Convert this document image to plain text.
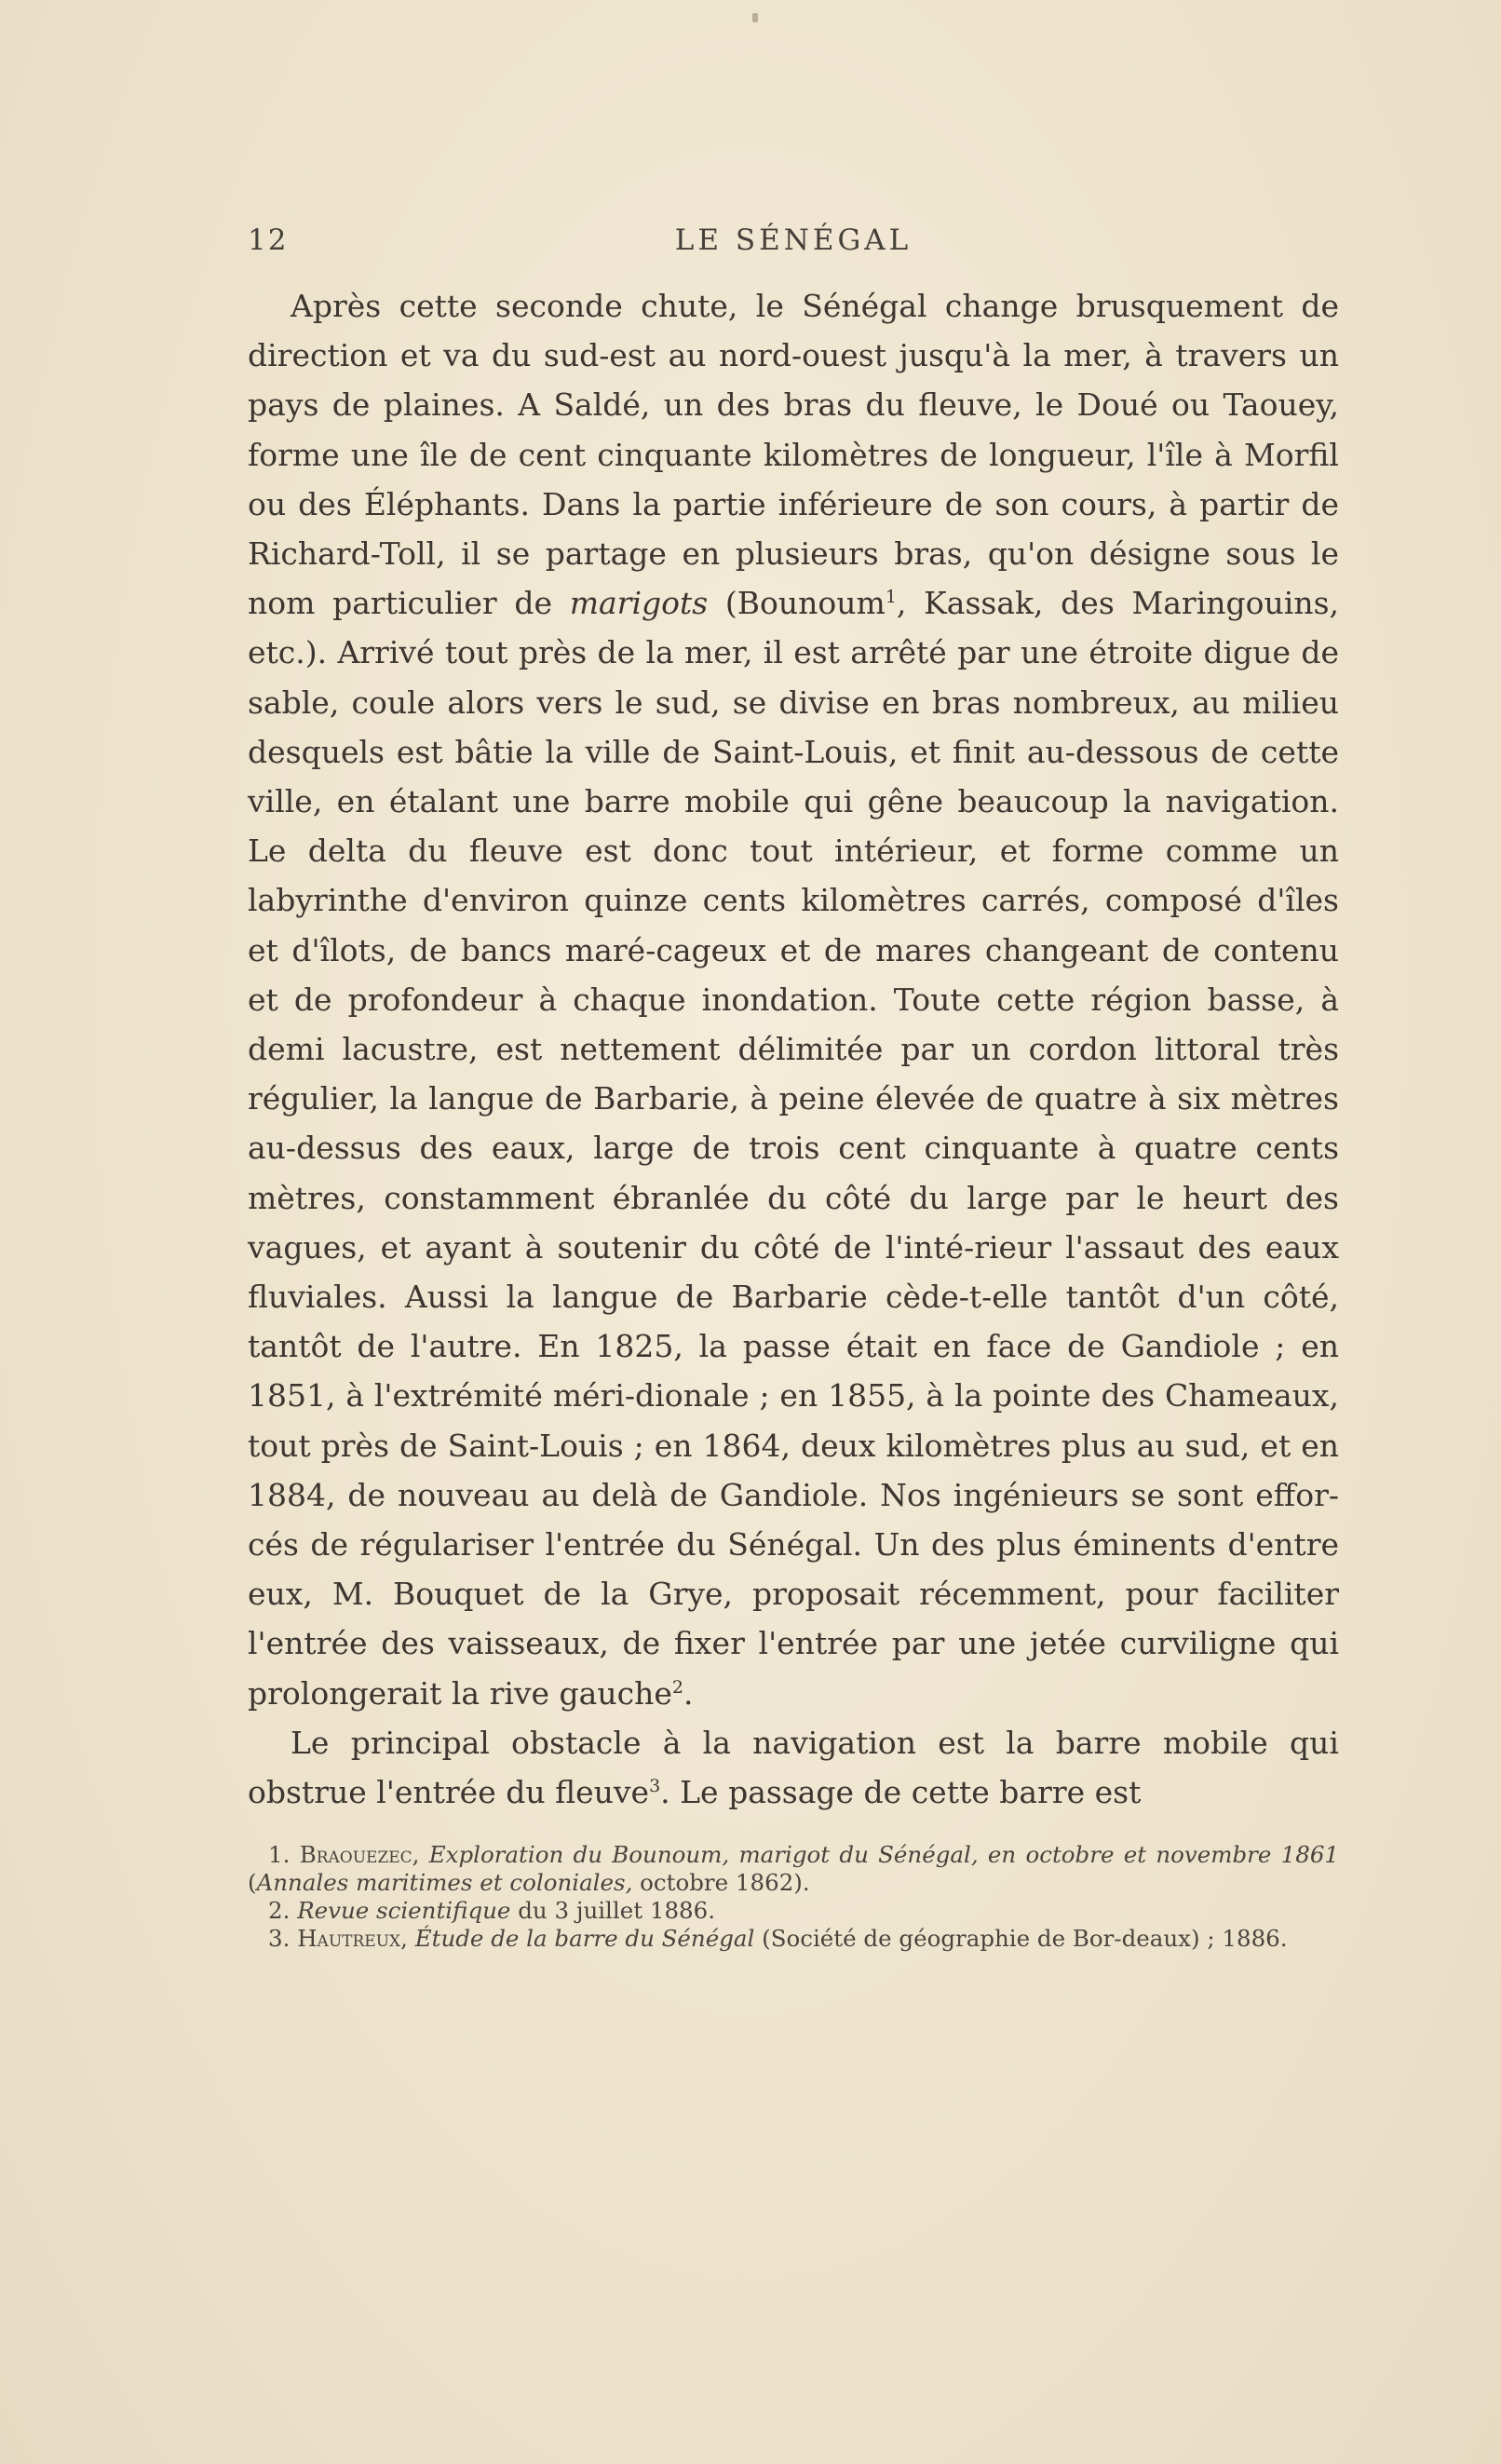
12	LE SÉNÉGAL

Après cette seconde chute, le Sénégal change brusquement de direction et va du sud-est au nord-ouest jusqu'à la mer, à travers un pays de plaines. A Saldé, un des bras du fleuve, le Doué ou Taouey, forme une île de cent cinquante kilomètres de longueur, l'île à Morfil ou des Éléphants. Dans la partie inférieure de son cours, à partir de Richard-Toll, il se partage en plusieurs bras, qu'on désigne sous le nom particulier de marigots (Bounoum$^1$, Kassak, des Maringouins, etc.). Arrivé tout près de la mer, il est arrêté par une étroite digue de sable, coule alors vers le sud, se divise en bras nombreux, au milieu desquels est bâtie la ville de Saint-Louis, et finit au-dessous de cette ville, en étalant une barre mobile qui gêne beaucoup la navigation. Le delta du fleuve est donc tout intérieur, et forme comme un labyrinthe d'environ quinze cents kilomètres carrés, composé d'îles et d'îlots, de bancs maré-cageux et de mares changeant de contenu et de profondeur à chaque inondation. Toute cette région basse, à demi lacustre, est nettement délimitée par un cordon littoral très régulier, la langue de Barbarie, à peine élevée de quatre à six mètres au-dessus des eaux, large de trois cent cinquante à quatre cents mètres, constamment ébranlée du côté du large par le heurt des vagues, et ayant à soutenir du côté de l'inté-rieur l'assaut des eaux fluviales. Aussi la langue de Barbarie cède-t-elle tantôt d'un côté, tantôt de l'autre. En 1825, la passe était en face de Gandiole ; en 1851, à l'extrémité méri-dionale ; en 1855, à la pointe des Chameaux, tout près de Saint-Louis ; en 1864, deux kilomètres plus au sud, et en 1884, de nouveau au delà de Gandiole. Nos ingénieurs se sont effor-cés de régulariser l'entrée du Sénégal. Un des plus éminents d'entre eux, M. Bouquet de la Grye, proposait récemment, pour faciliter l'entrée des vaisseaux, de fixer l'entrée par une jetée curviligne qui prolongerait la rive gauche$^2$.

Le principal obstacle à la navigation est la barre mobile qui obstrue l'entrée du fleuve$^3$. Le passage de cette barre est

1. Braouezec, Exploration du Bounoum, marigot du Sénégal, en octobre et novembre 1861 (Annales maritimes et coloniales, octobre 1862).

2. Revue scientifique du 3 juillet 1886.

3. Hautreux, Étude de la barre du Sénégal (Société de géographie de Bor-deaux) ; 1886.
